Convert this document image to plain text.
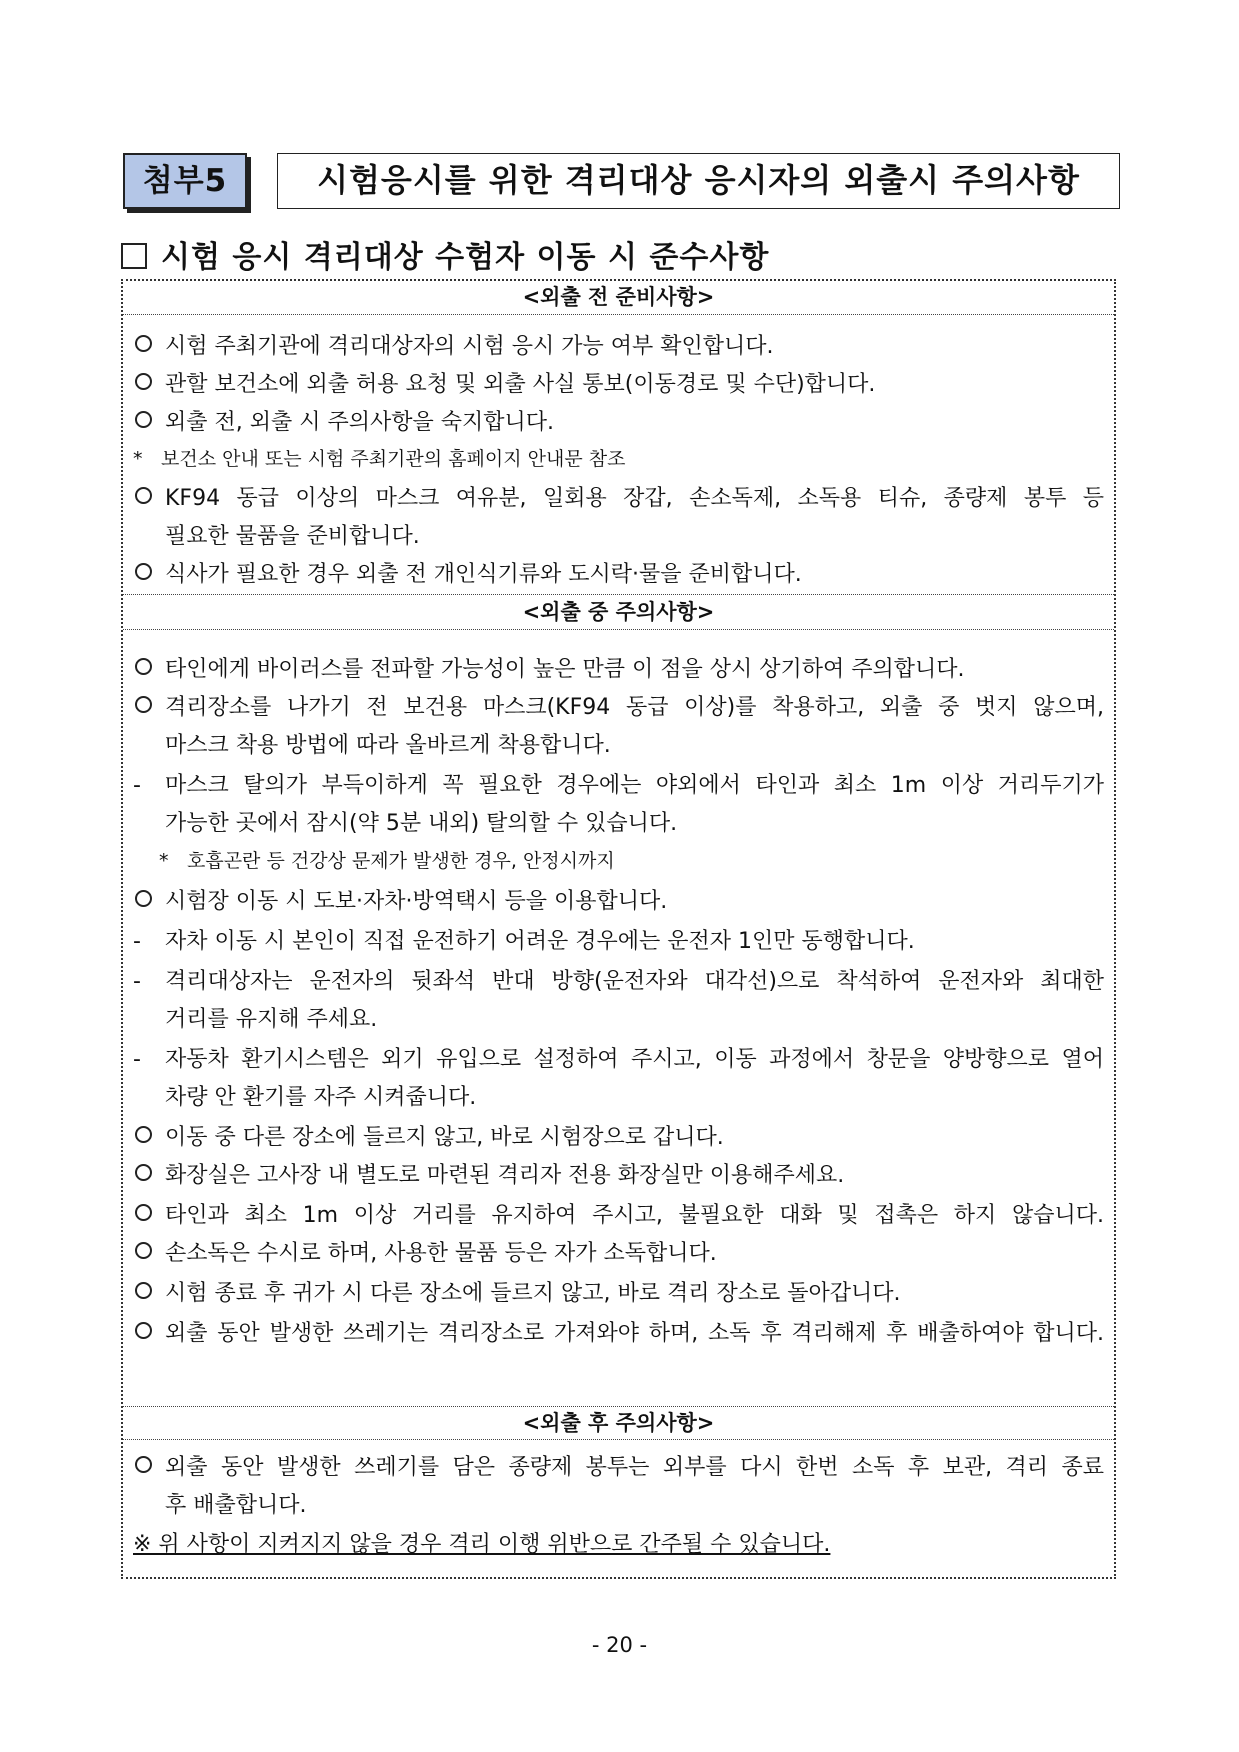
첨부5	시험응시를 위한 격리대상 응시자의 외출시 주의사항
시험 응시 격리대상 수험자 이동 시 준수사항
<외출 전 준비사항>
시험 주최기관에 격리대상자의 시험 응시 가능 여부 확인합니다.
관할 보건소에 외출 허용 요청 및 외출 사실 통보(이동경로 및 수단)합니다.
외출 전, 외출 시 주의사항을 숙지합니다.
* 보건소 안내 또는 시험 주최기관의 홈페이지 안내문 참조
KF94 동급 이상의 마스크 여유분, 일회용 장갑, 손소독제, 소독용 티슈, 종량제 봉투 등
필요한 물품을 준비합니다.
식사가 필요한 경우 외출 전 개인식기류와 도시락·물을 준비합니다.
<외출 중 주의사항>
타인에게 바이러스를 전파할 가능성이 높은 만큼 이 점을 상시 상기하여 주의합니다.
격리장소를 나가기 전 보건용 마스크(KF94 동급 이상)를 착용하고, 외출 중 벗지 않으며,
마스크 착용 방법에 따라 올바르게 착용합니다.
- 마스크 탈의가 부득이하게 꼭 필요한 경우에는 야외에서 타인과 최소 1m 이상 거리두기가
가능한 곳에서 잠시(약 5분 내외) 탈의할 수 있습니다.
* 호흡곤란 등 건강상 문제가 발생한 경우, 안정시까지
시험장 이동 시 도보·자차·방역택시 등을 이용합니다.
- 자차 이동 시 본인이 직접 운전하기 어려운 경우에는 운전자 1인만 동행합니다.
- 격리대상자는 운전자의 뒷좌석 반대 방향(운전자와 대각선)으로 착석하여 운전자와 최대한
거리를 유지해 주세요.
- 자동차 환기시스템은 외기 유입으로 설정하여 주시고, 이동 과정에서 창문을 양방향으로 열어
차량 안 환기를 자주 시켜줍니다.
이동 중 다른 장소에 들르지 않고, 바로 시험장으로 갑니다.
화장실은 고사장 내 별도로 마련된 격리자 전용 화장실만 이용해주세요.
타인과 최소 1m 이상 거리를 유지하여 주시고, 불필요한 대화 및 접촉은 하지 않습니다.
손소독은 수시로 하며, 사용한 물품 등은 자가 소독합니다.
시험 종료 후 귀가 시 다른 장소에 들르지 않고, 바로 격리 장소로 돌아갑니다.
외출 동안 발생한 쓰레기는 격리장소로 가져와야 하며, 소독 후 격리해제 후 배출하여야 합니다.
<외출 후 주의사항>
외출 동안 발생한 쓰레기를 담은 종량제 봉투는 외부를 다시 한번 소독 후 보관, 격리 종료
후 배출합니다.
※ 위 사항이 지켜지지 않을 경우 격리 이행 위반으로 간주될 수 있습니다.
- 20 -
